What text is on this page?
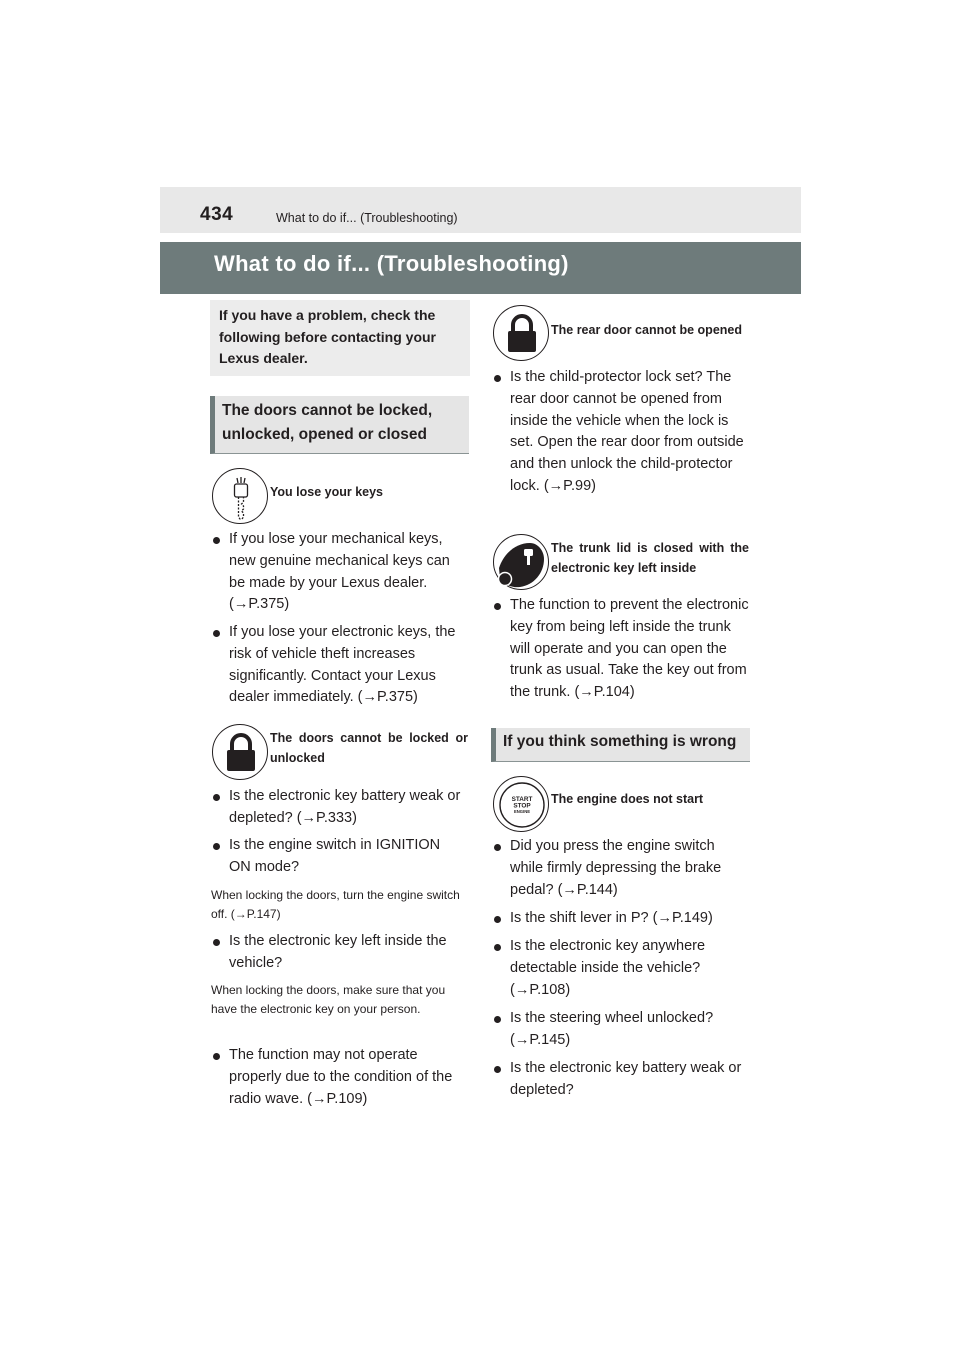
434	What to do if... (Troubleshooting)
What to do if... (Troubleshooting)
If you have a problem, check the following before contacting your Lexus dealer.
The doors cannot be locked, unlocked, opened or closed
You lose your keys
If you lose your mechanical keys, new genuine mechanical keys can be made by your Lexus dealer. (→P.375)
If you lose your electronic keys, the risk of vehicle theft increases significantly. Contact your Lexus dealer immediately. (→P.375)
The doors cannot be locked or unlocked
Is the electronic key battery weak or depleted? (→P.333)
Is the engine switch in IGNITION ON mode?
When locking the doors, turn the engine switch off. (→P.147)
Is the electronic key left inside the vehicle?
When locking the doors, make sure that you have the electronic key on your person.
The function may not operate properly due to the condition of the radio wave. (→P.109)
The rear door cannot be opened
Is the child-protector lock set? The rear door cannot be opened from inside the vehicle when the lock is set. Open the rear door from outside and then unlock the child-protector lock. (→P.99)
The trunk lid is closed with the electronic key left inside
The function to prevent the electronic key from being left inside the trunk will operate and you can open the trunk as usual. Take the key out from the trunk. (→P.104)
If you think something is wrong
START
STOP
ENGINE
The engine does not start
Did you press the engine switch while firmly depressing the brake pedal? (→P.144)
Is the shift lever in P? (→P.149)
Is the electronic key anywhere detectable inside the vehicle? (→P.108)
Is the steering wheel unlocked? (→P.145)
Is the electronic key battery weak or depleted?
